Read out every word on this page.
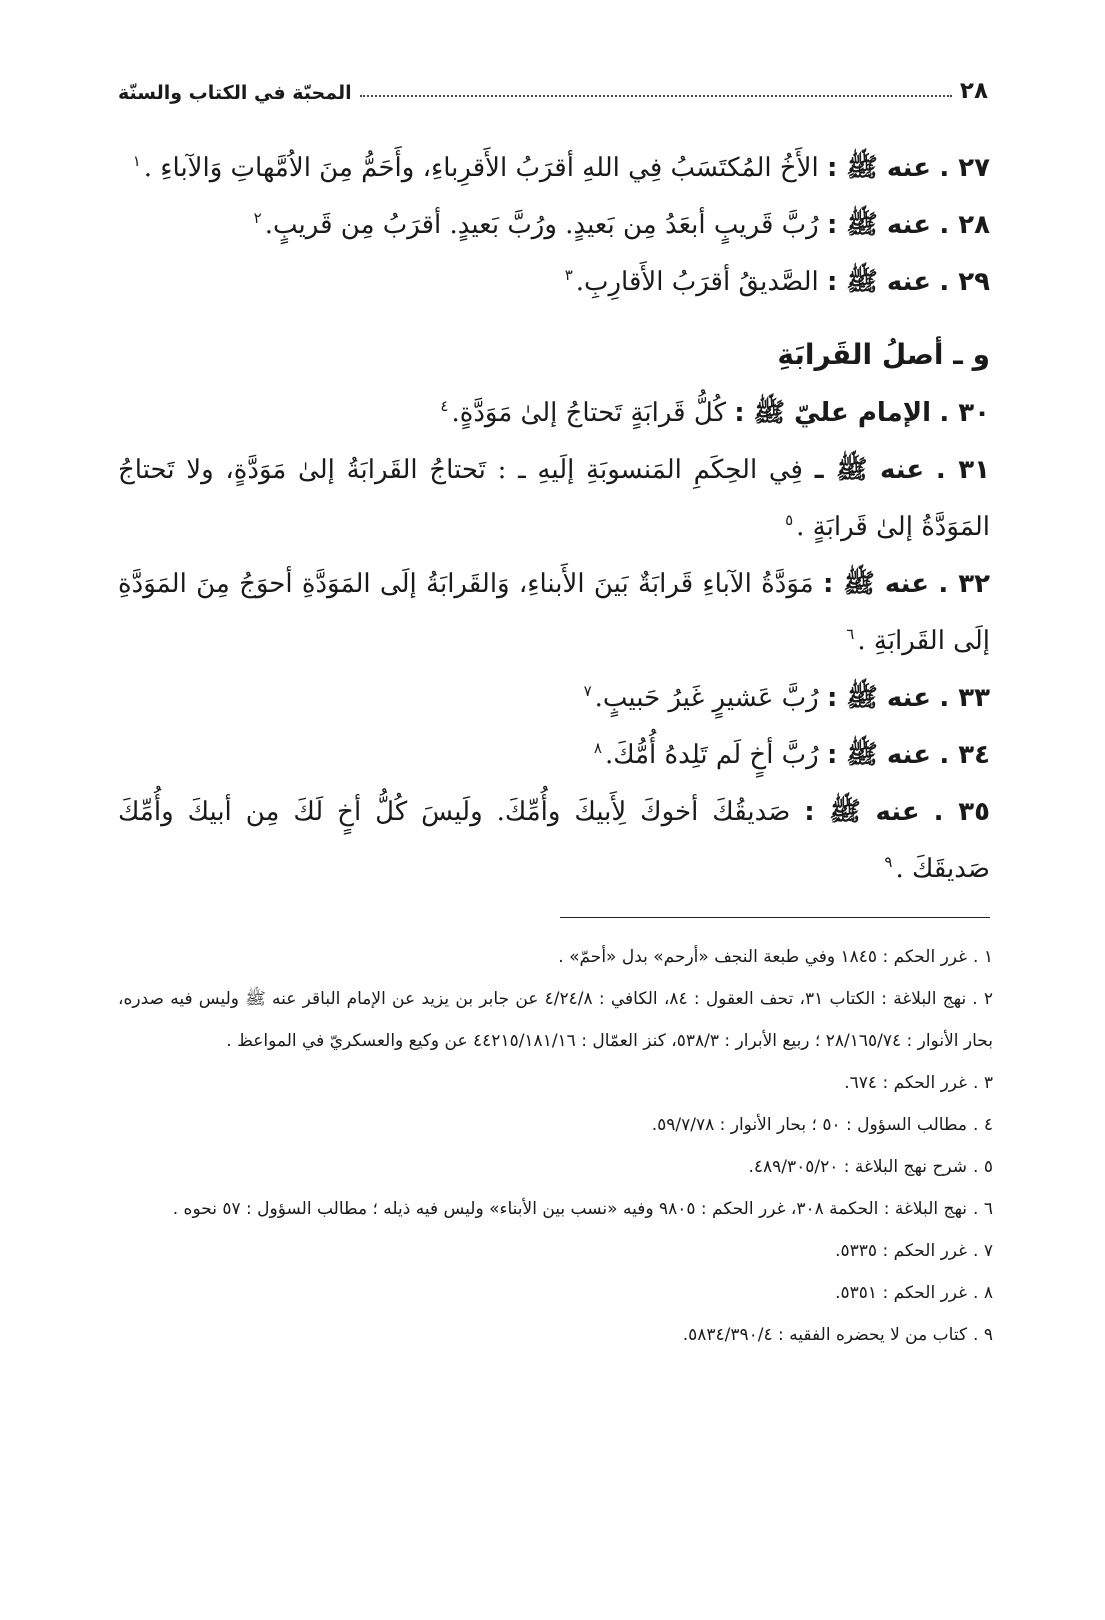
٢٨
المحبّة في الكتاب والسنّة

٢٧ . عنه ﷺ : الأَخُ المُكتَسَبُ فِي اللهِ أقرَبُ الأَقرِباءِ، وأَحَمُّ مِنَ الاُمَّهاتِ وَالآباءِ .$^١$

٢٨ . عنه ﷺ : رُبَّ قَريبٍ أبعَدُ مِن بَعيدٍ. ورُبَّ بَعيدٍ. أقرَبُ مِن قَريبٍ.$^٢$

٢٩ . عنه ﷺ : الصَّديقُ أقرَبُ الأَقارِبِ.$^٣$

و ـ أصلُ القَرابَةِ

٣٠ . الإمام عليّ ﷺ : كُلُّ قَرابَةٍ تَحتاجُ إلىٰ مَوَدَّةٍ.$^٤$

٣١ . عنه ﷺ ـ فِي الحِكَمِ المَنسوبَةِ إلَيهِ ـ : تَحتاجُ القَرابَةُ إلىٰ مَوَدَّةٍ، ولا تَحتاجُ المَوَدَّةُ إلىٰ قَرابَةٍ .$^٥$

٣٢ . عنه ﷺ : مَوَدَّةُ الآباءِ قَرابَةٌ بَينَ الأَبناءِ، وَالقَرابَةُ إلَى المَوَدَّةِ أحوَجُ مِنَ المَوَدَّةِ إلَى القَرابَةِ .$^٦$

٣٣ . عنه ﷺ : رُبَّ عَشيرٍ غَيرُ حَبيبٍ.$^٧$

٣٤ . عنه ﷺ : رُبَّ أخٍ لَم تَلِدهُ أُمُّكَ.$^٨$

٣٥ . عنه ﷺ : صَديقُكَ أخوكَ لِأَبيكَ وأُمِّكَ. ولَيسَ كُلُّ أخٍ لَكَ مِن أبيكَ وأُمِّكَ صَديقَكَ .$^٩$

١ .غرر الحكم : ١٨٤٥ وفي طبعة النجف «أرحم» بدل «أحمّ» .

٢ .نهج البلاغة : الكتاب ٣١، تحف العقول : ٨٤، الكافي : ٤/٢٤/٨ عن جابر بن يزيد عن الإمام الباقر عنه ﷺ وليس فيه صدره، بحار الأنوار : ٢٨/١٦٥/٧٤ ؛ ربيع الأبرار : ٥٣٨/٣، كنز العمّال : ٤٤٢١٥/١٨١/١٦ عن وكيع والعسكريّ في المواعظ .

٣ .غرر الحكم : ٦٧٤.

٤ .مطالب السؤول : ٥٠ ؛ بحار الأنوار : ٥٩/٧/٧٨.

٥ .شرح نهج البلاغة : ٤٨٩/٣٠٥/٢٠.

٦ .نهج البلاغة : الحكمة ٣٠٨، غرر الحكم : ٩٨٠٥ وفيه «نسب بين الأبناء» وليس فيه ذيله ؛ مطالب السؤول : ٥٧ نحوه .

٧ .غرر الحكم : ٥٣٣٥.

٨ .غرر الحكم : ٥٣٥١.

٩ .كتاب من لا يحضره الفقيه : ٥٨٣٤/٣٩٠/٤.
